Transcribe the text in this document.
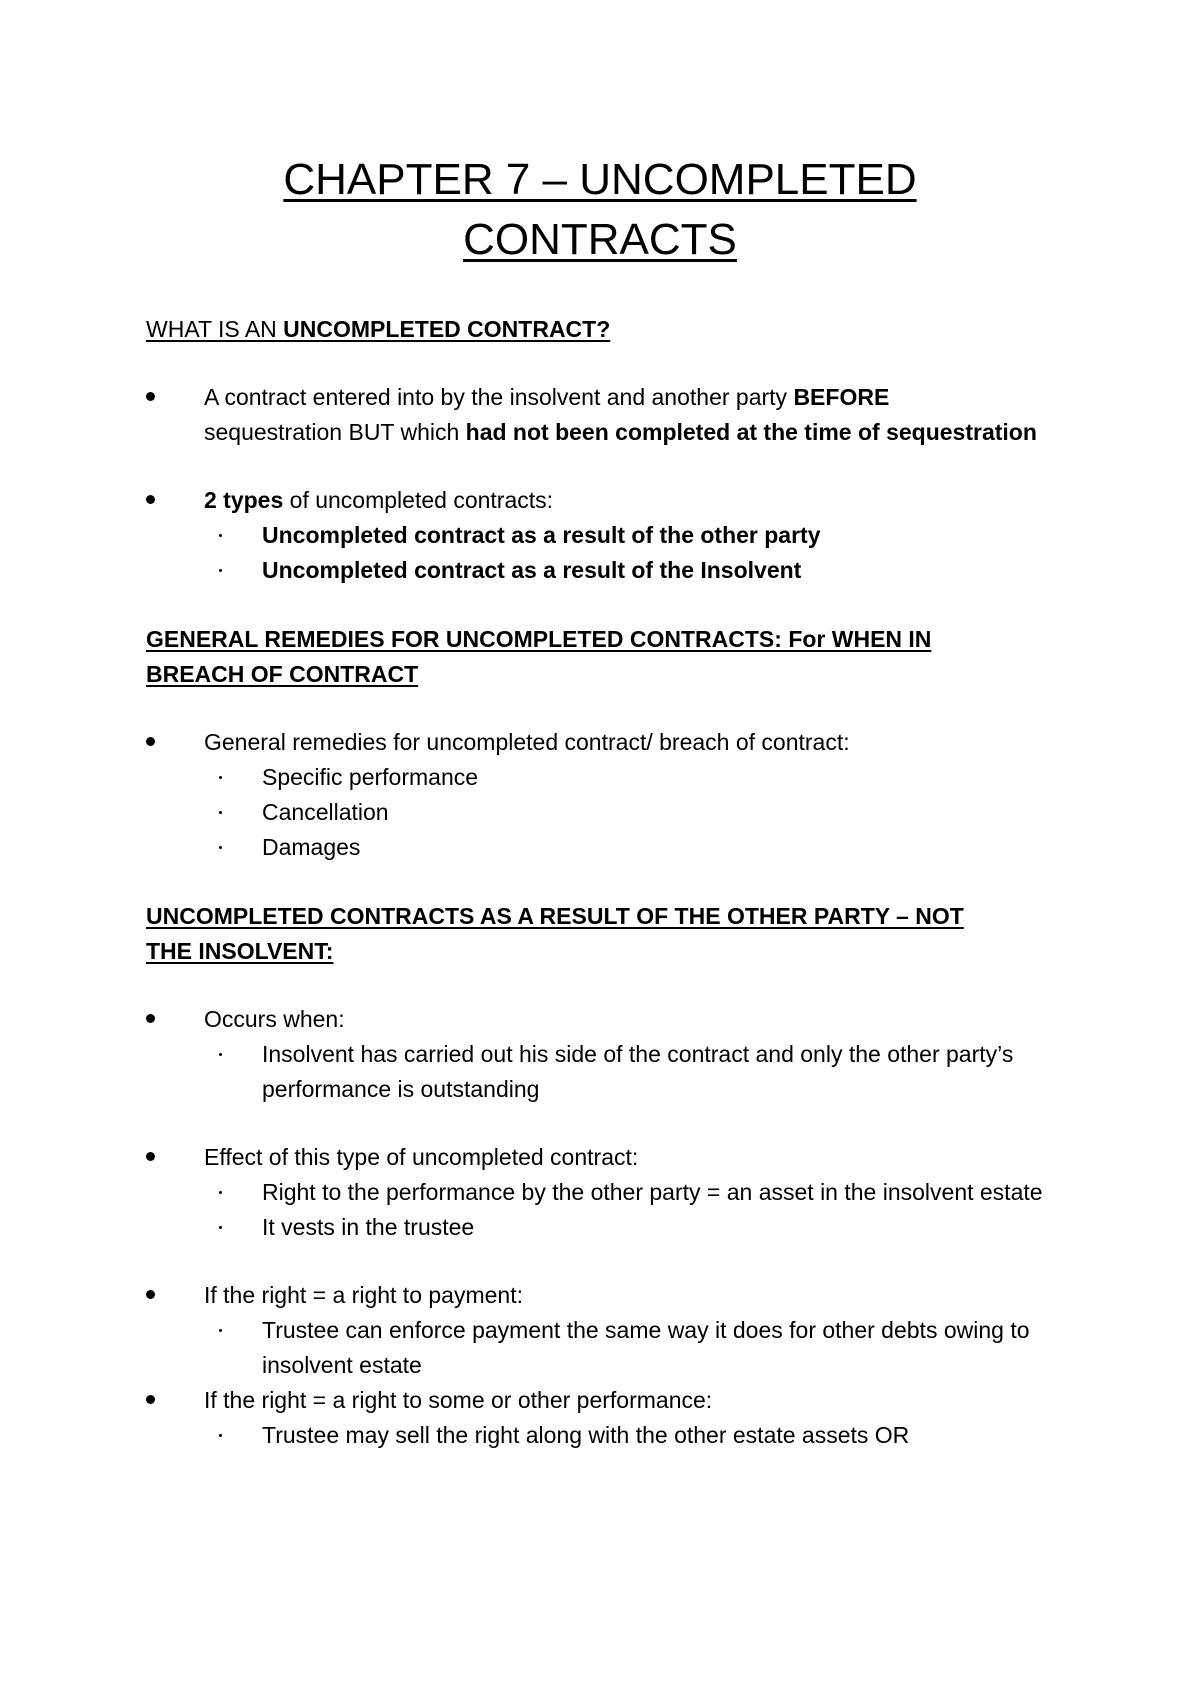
CHAPTER 7 – UNCOMPLETED
CONTRACTS

WHAT IS AN UNCOMPLETED CONTRACT?

A contract entered into by the insolvent and another party BEFORE
sequestration BUT which had not been completed at the time of sequestration
2 types of uncompleted contracts:
Uncompleted contract as a result of the other party
Uncompleted contract as a result of the Insolvent

GENERAL REMEDIES FOR UNCOMPLETED CONTRACTS: For WHEN IN
BREACH OF CONTRACT

General remedies for uncompleted contract/ breach of contract:
Specific performance
Cancellation
Damages

UNCOMPLETED CONTRACTS AS A RESULT OF THE OTHER PARTY – NOT
THE INSOLVENT:

Occurs when:
Insolvent has carried out his side of the contract and only the other party’s performance is outstanding
Effect of this type of uncompleted contract:
Right to the performance by the other party = an asset in the insolvent estate
It vests in the trustee
If the right = a right to payment:
Trustee can enforce payment the same way it does for other debts owing to insolvent estate
If the right = a right to some or other performance:
Trustee may sell the right along with the other estate assets OR
